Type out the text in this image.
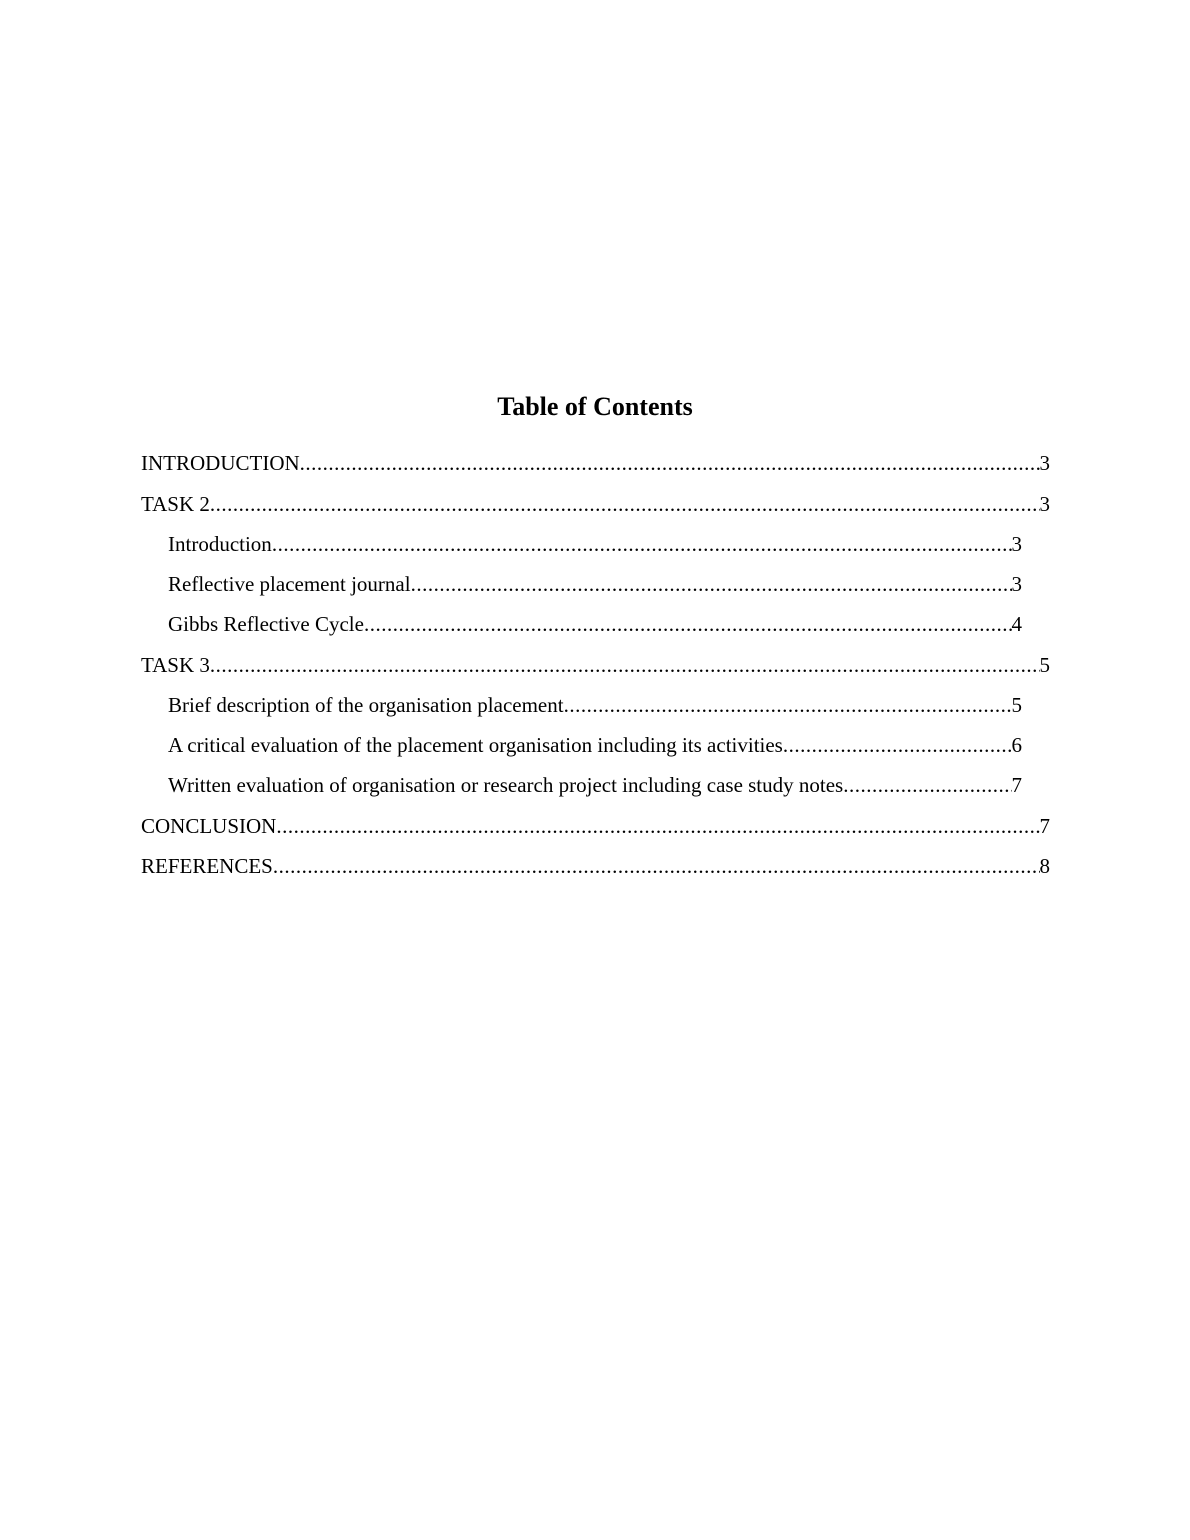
Table of Contents
INTRODUCTION .....	3
TASK 2 .....	3
Introduction .....	3
Reflective placement journal .....	3
Gibbs Reflective Cycle .....	4
TASK 3 .....	5
Brief description of the organisation placement .....	5
A critical evaluation of the placement organisation including its activities .....	6
Written evaluation of organisation or research project including case study notes .....	7
CONCLUSION .....	7
REFERENCES .....	8
